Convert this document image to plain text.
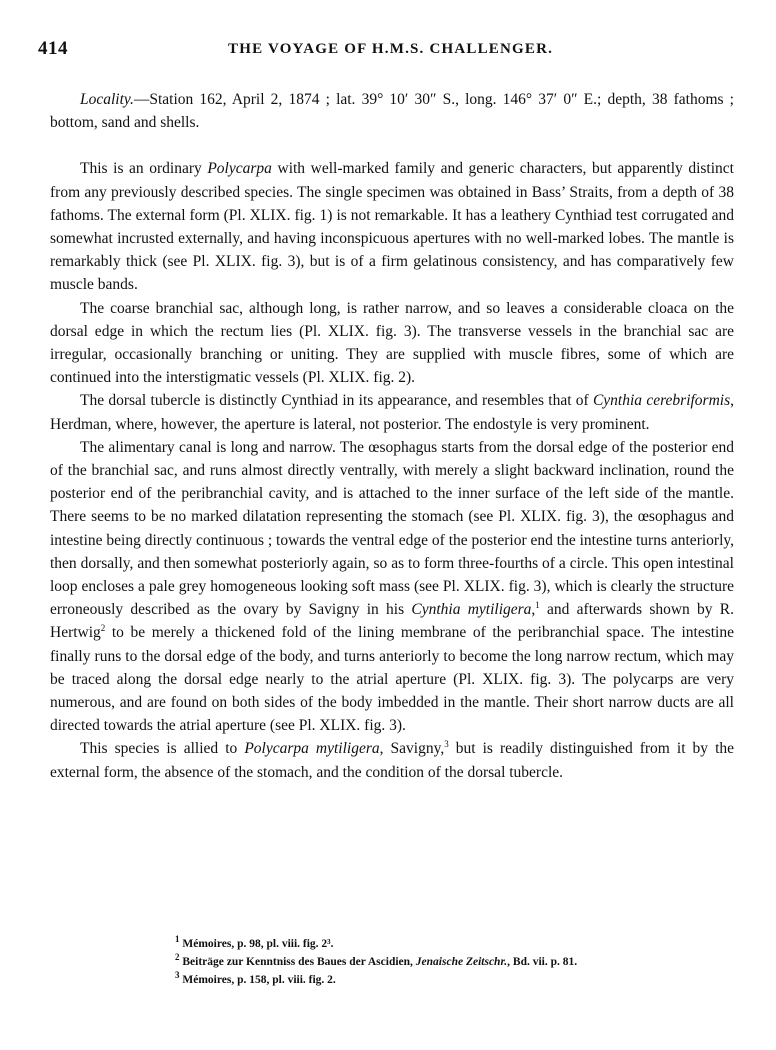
414	THE VOYAGE OF H.M.S. CHALLENGER.

Locality.—Station 162, April 2, 1874 ; lat. 39° 10′ 30″ S., long. 146° 37′ 0″ E.; depth, 38 fathoms ; bottom, sand and shells.

This is an ordinary Polycarpa with well-marked family and generic characters, but apparently distinct from any previously described species. The single specimen was obtained in Bass’ Straits, from a depth of 38 fathoms. The external form (Pl. XLIX. fig. 1) is not remarkable. It has a leathery Cynthiad test corrugated and somewhat incrusted externally, and having inconspicuous apertures with no well-marked lobes. The mantle is remarkably thick (see Pl. XLIX. fig. 3), but is of a firm gelatinous consistency, and has comparatively few muscle bands.

The coarse branchial sac, although long, is rather narrow, and so leaves a considerable cloaca on the dorsal edge in which the rectum lies (Pl. XLIX. fig. 3). The transverse vessels in the branchial sac are irregular, occasionally branching or uniting. They are supplied with muscle fibres, some of which are continued into the interstigmatic vessels (Pl. XLIX. fig. 2).

The dorsal tubercle is distinctly Cynthiad in its appearance, and resembles that of Cynthia cerebriformis, Herdman, where, however, the aperture is lateral, not posterior. The endostyle is very prominent.

The alimentary canal is long and narrow. The œsophagus starts from the dorsal edge of the posterior end of the branchial sac, and runs almost directly ventrally, with merely a slight backward inclination, round the posterior end of the peribranchial cavity, and is attached to the inner surface of the left side of the mantle. There seems to be no marked dilatation representing the stomach (see Pl. XLIX. fig. 3), the œsophagus and intestine being directly continuous ; towards the ventral edge of the posterior end the intestine turns anteriorly, then dorsally, and then somewhat posteriorly again, so as to form three-fourths of a circle. This open intestinal loop encloses a pale grey homogeneous looking soft mass (see Pl. XLIX. fig. 3), which is clearly the structure erroneously described as the ovary by Savigny in his Cynthia mytiligera,$^1$ and afterwards shown by R. Hertwig$^2$ to be merely a thickened fold of the lining membrane of the peribranchial space. The intestine finally runs to the dorsal edge of the body, and turns anteriorly to become the long narrow rectum, which may be traced along the dorsal edge nearly to the atrial aperture (Pl. XLIX. fig. 3). The polycarps are very numerous, and are found on both sides of the body imbedded in the mantle. Their short narrow ducts are all directed towards the atrial aperture (see Pl. XLIX. fig. 3).

This species is allied to Polycarpa mytiligera, Savigny,$^3$ but is readily distinguished from it by the external form, the absence of the stomach, and the condition of the dorsal tubercle.

$^1$ Mémoires, p. 98, pl. viii. fig. 2³.
$^2$ Beiträge zur Kenntniss des Baues der Ascidien, Jenaische Zeitschr., Bd. vii. p. 81.
$^3$ Mémoires, p. 158, pl. viii. fig. 2.
